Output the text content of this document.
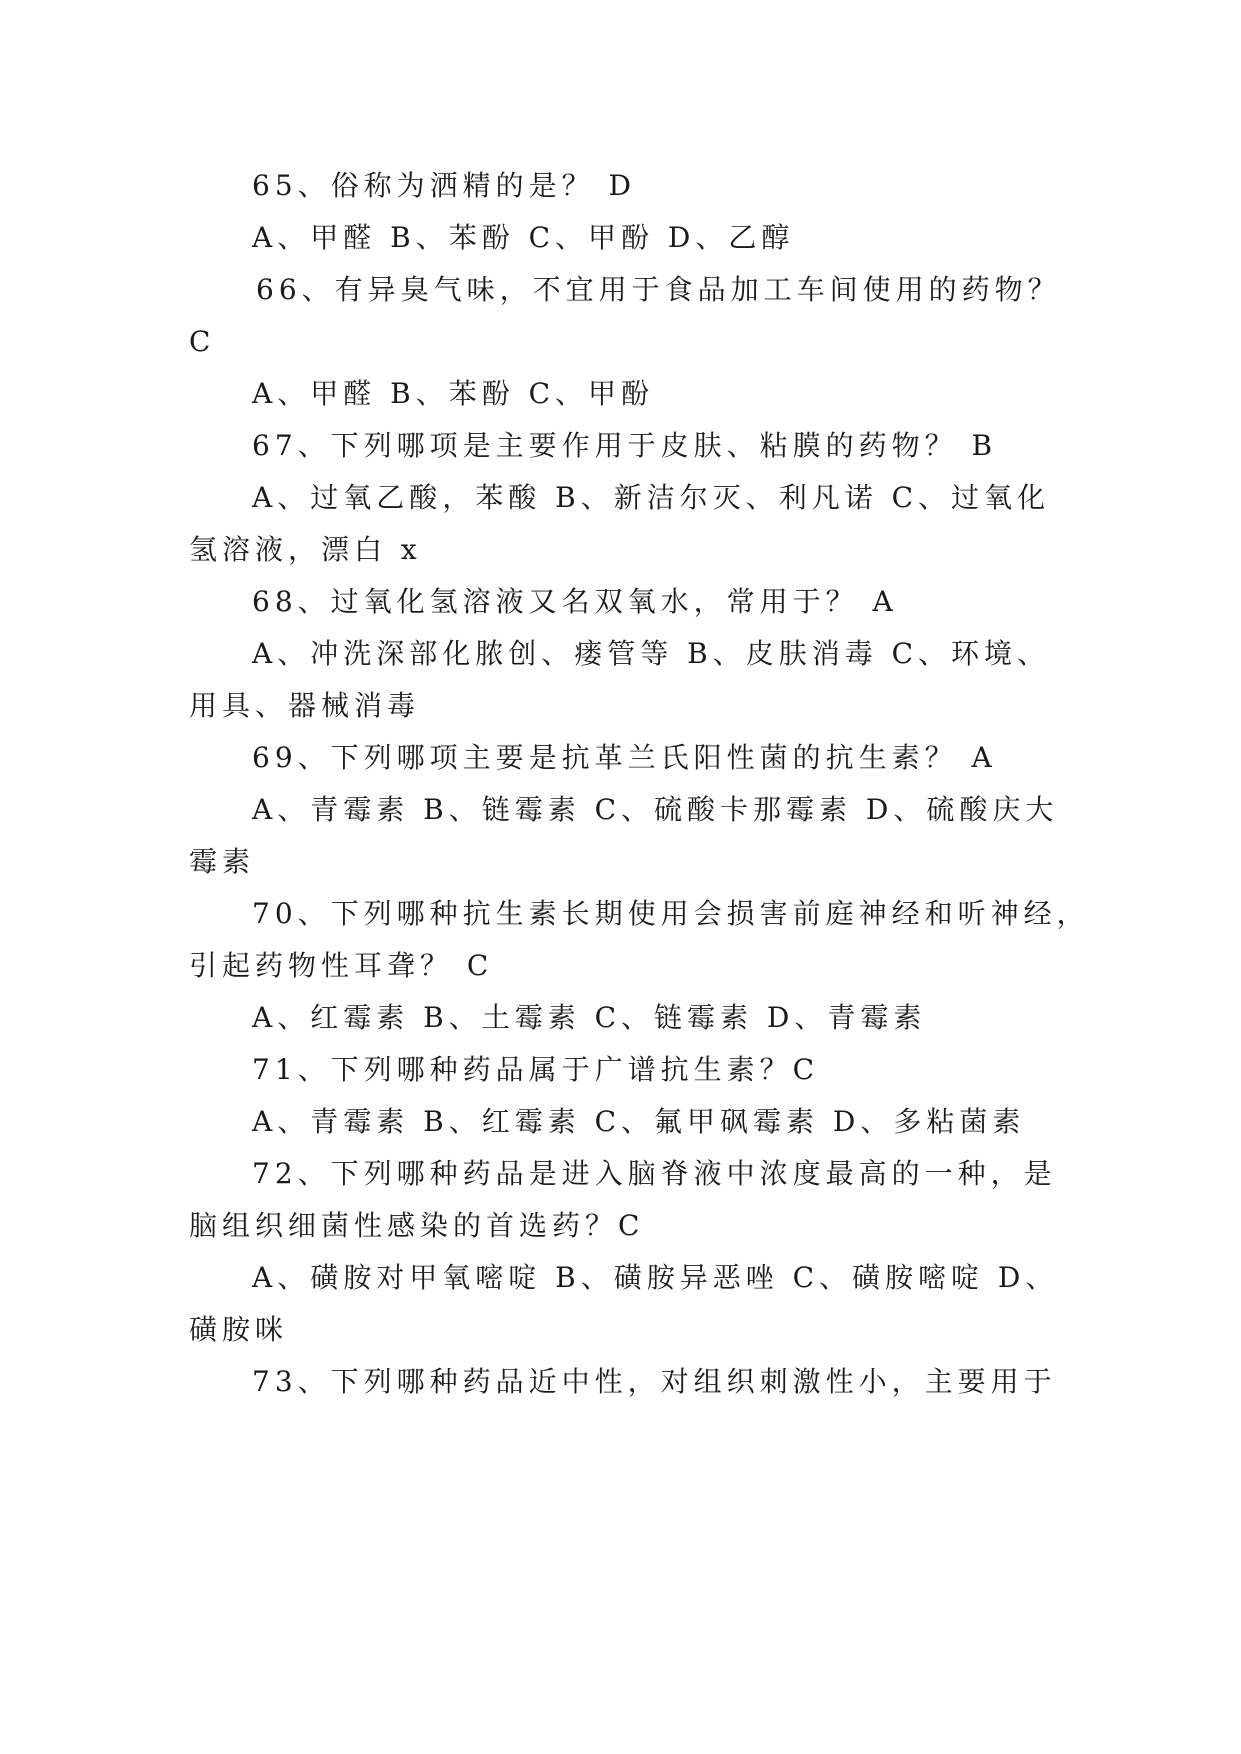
65、俗称为洒精的是？ D
A、甲醛 B、苯酚 C、甲酚 D、乙醇
66、有异臭气味，不宜用于食品加工车间使用的药物？
C
A、甲醛 B、苯酚 C、甲酚
67、下列哪项是主要作用于皮肤、粘膜的药物？ B
A、过氧乙酸，苯酸 B、新洁尔灭、利凡诺 C、过氧化
氢溶液，漂白 x
68、过氧化氢溶液又名双氧水，常用于？ A
A、冲洗深部化脓创、瘘管等 B、皮肤消毒 C、环境、
用具、器械消毒
69、下列哪项主要是抗革兰氏阳性菌的抗生素？ A
A、青霉素 B、链霉素 C、硫酸卡那霉素 D、硫酸庆大
霉素
70、下列哪种抗生素长期使用会损害前庭神经和听神经，
引起药物性耳聋？ C
A、红霉素 B、土霉素 C、链霉素 D、青霉素
71、下列哪种药品属于广谱抗生素？C
A、青霉素 B、红霉素 C、氟甲砜霉素 D、多粘菌素
72、下列哪种药品是进入脑脊液中浓度最高的一种，是
脑组织细菌性感染的首选药？C
A、磺胺对甲氧嘧啶 B、磺胺异恶唑 C、磺胺嘧啶 D、
磺胺咪
73、下列哪种药品近中性，对组织刺激性小，主要用于
